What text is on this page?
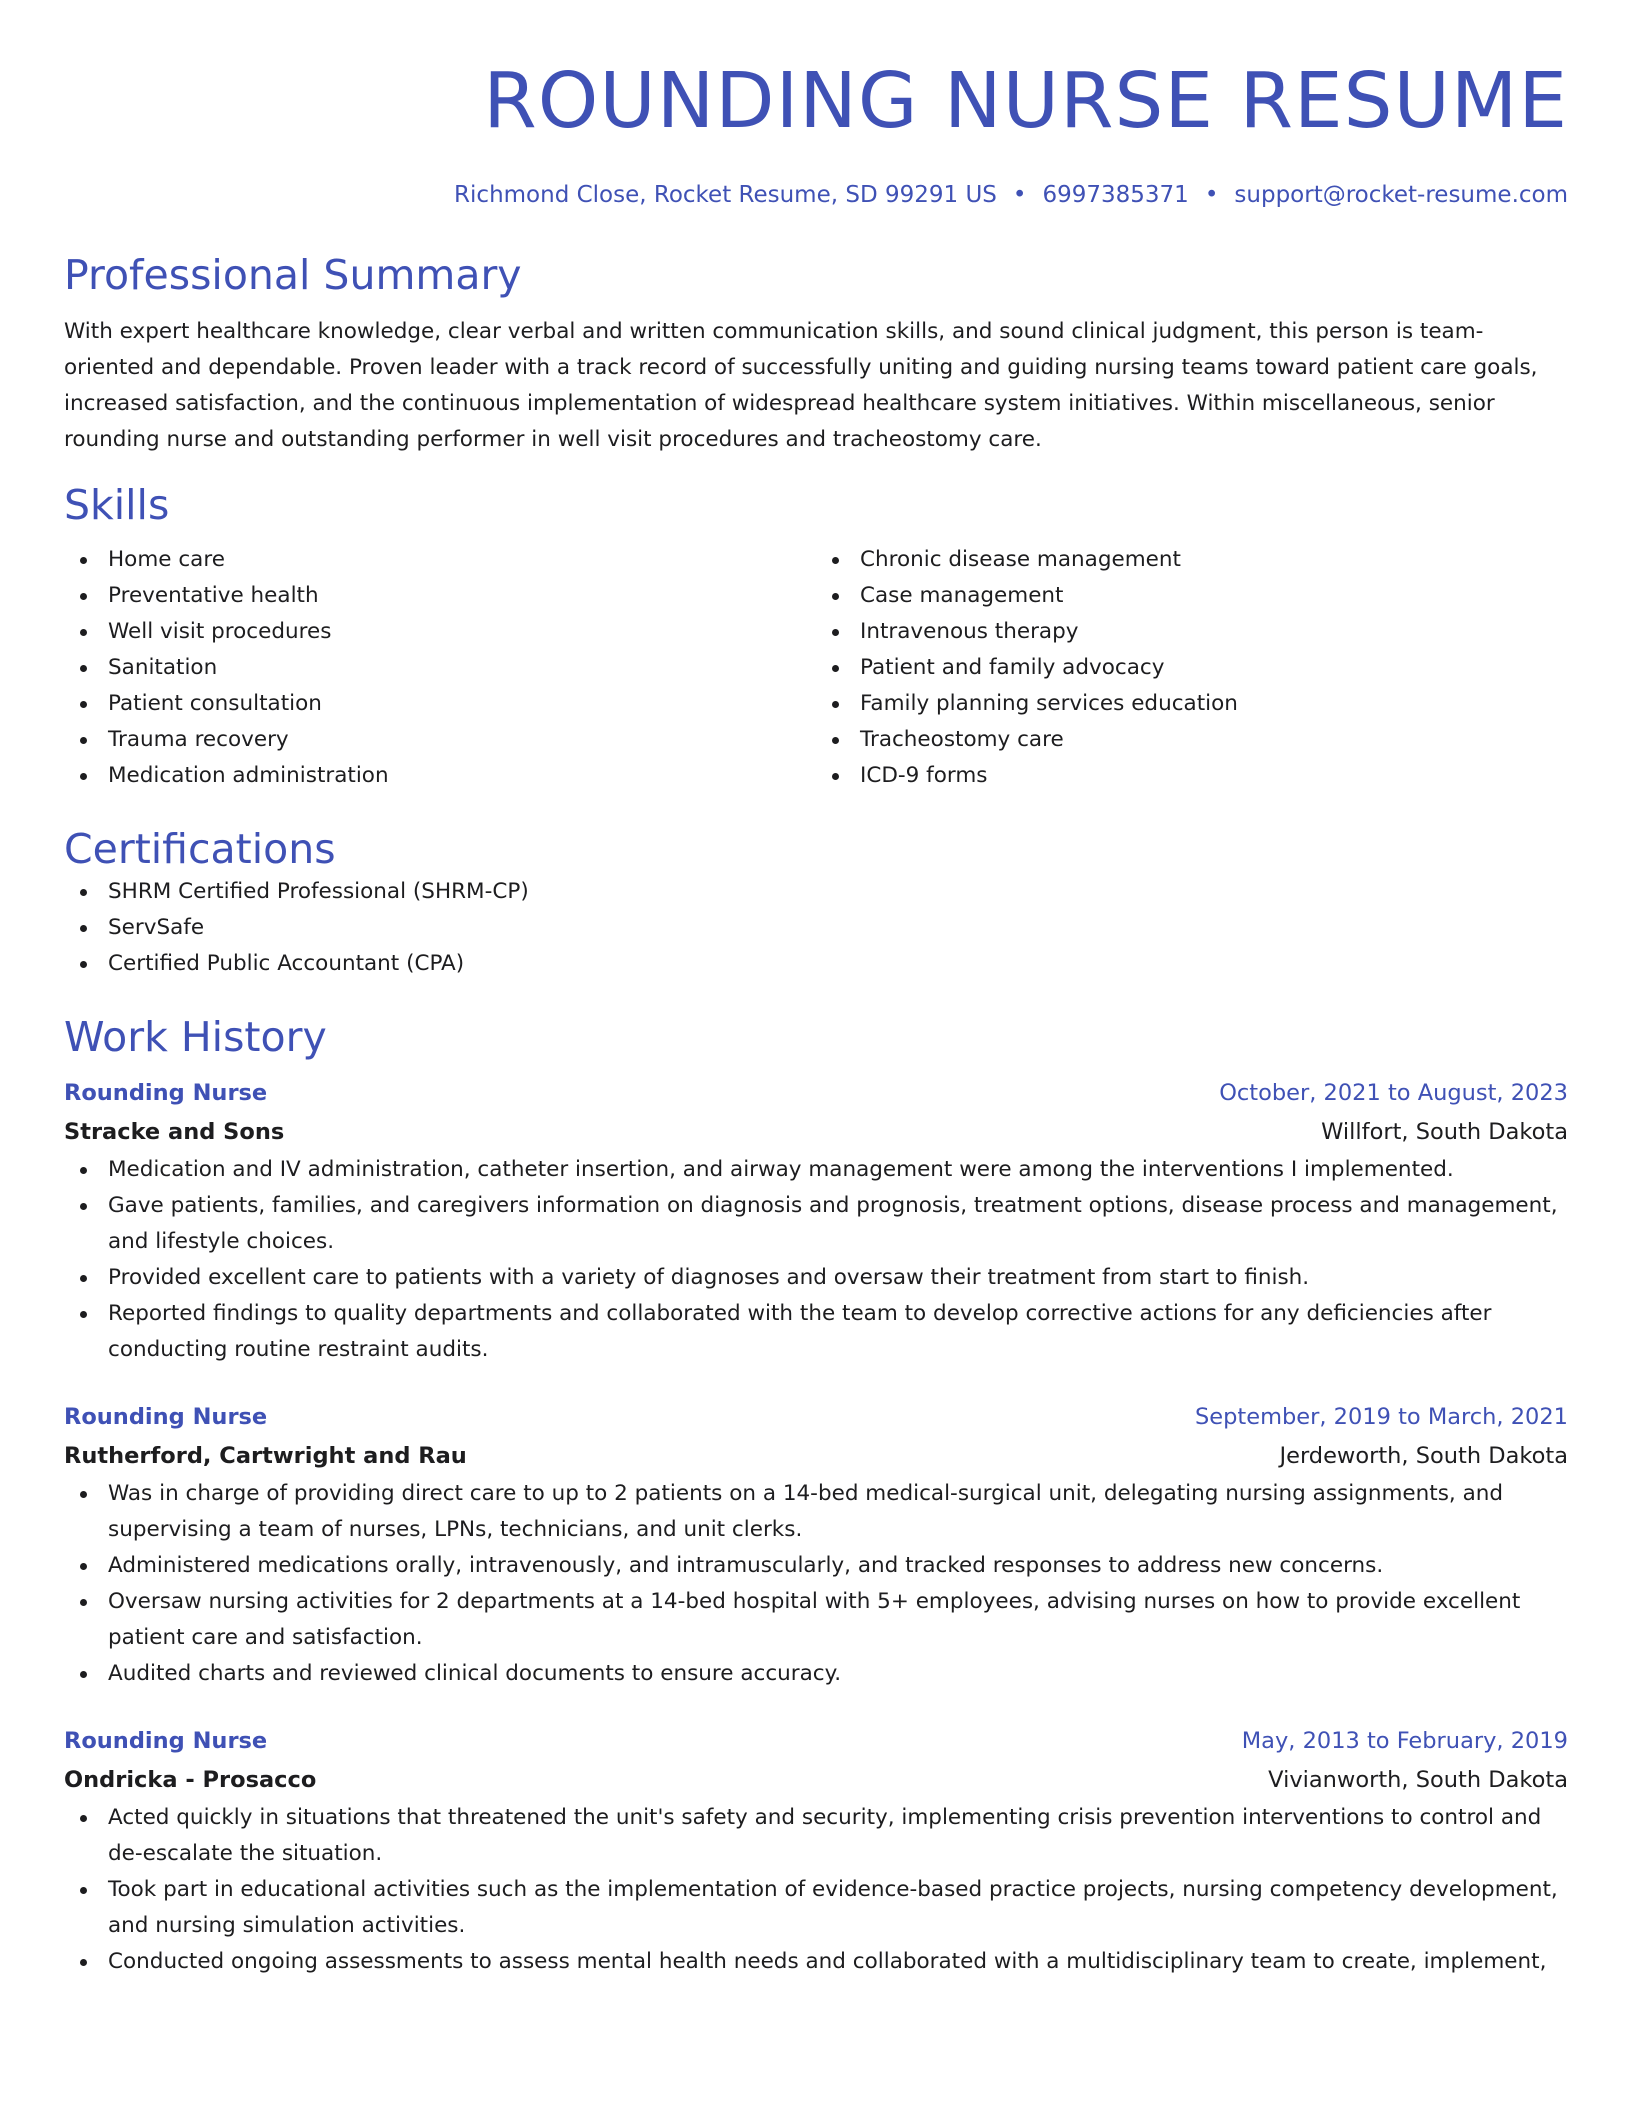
ROUNDING NURSE RESUME
Richmond Close, Rocket Resume, SD 99291 US • 6997385371 • support@rocket-resume.com
Professional Summary

With expert healthcare knowledge, clear verbal and written communication skills, and sound clinical judgment, this person is team-oriented and dependable. Proven leader with a track record of successfully uniting and guiding nursing teams toward patient care goals, increased satisfaction, and the continuous implementation of widespread healthcare system initiatives. Within miscellaneous, senior rounding nurse and outstanding performer in well visit procedures and tracheostomy care.

Skills
Home care
Preventative health
Well visit procedures
Sanitation
Patient consultation
Trauma recovery
Medication administration
Chronic disease management
Case management
Intravenous therapy
Patient and family advocacy
Family planning services education
Tracheostomy care
ICD-9 forms
Certifications
SHRM Certified Professional (SHRM-CP)
ServSafe
Certified Public Accountant (CPA)
Work History
Rounding Nurse	October, 2021 to August, 2023
Stracke and Sons	Willfort, South Dakota
Medication and IV administration, catheter insertion, and airway management were among the interventions I implemented.
Gave patients, families, and caregivers information on diagnosis and prognosis, treatment options, disease process and management, and lifestyle choices.
Provided excellent care to patients with a variety of diagnoses and oversaw their treatment from start to finish.
Reported findings to quality departments and collaborated with the team to develop corrective actions for any deficiencies after conducting routine restraint audits.
Rounding Nurse	September, 2019 to March, 2021
Rutherford, Cartwright and Rau	Jerdeworth, South Dakota
Was in charge of providing direct care to up to 2 patients on a 14-bed medical-surgical unit, delegating nursing assignments, and supervising a team of nurses, LPNs, technicians, and unit clerks.
Administered medications orally, intravenously, and intramuscularly, and tracked responses to address new concerns.
Oversaw nursing activities for 2 departments at a 14-bed hospital with 5+ employees, advising nurses on how to provide excellent patient care and satisfaction.
Audited charts and reviewed clinical documents to ensure accuracy.
Rounding Nurse	May, 2013 to February, 2019
Ondricka - Prosacco	Vivianworth, South Dakota
Acted quickly in situations that threatened the unit's safety and security, implementing crisis prevention interventions to control and de-escalate the situation.
Took part in educational activities such as the implementation of evidence-based practice projects, nursing competency development, and nursing simulation activities.
Conducted ongoing assessments to assess mental health needs and collaborated with a multidisciplinary team to create, implement,
